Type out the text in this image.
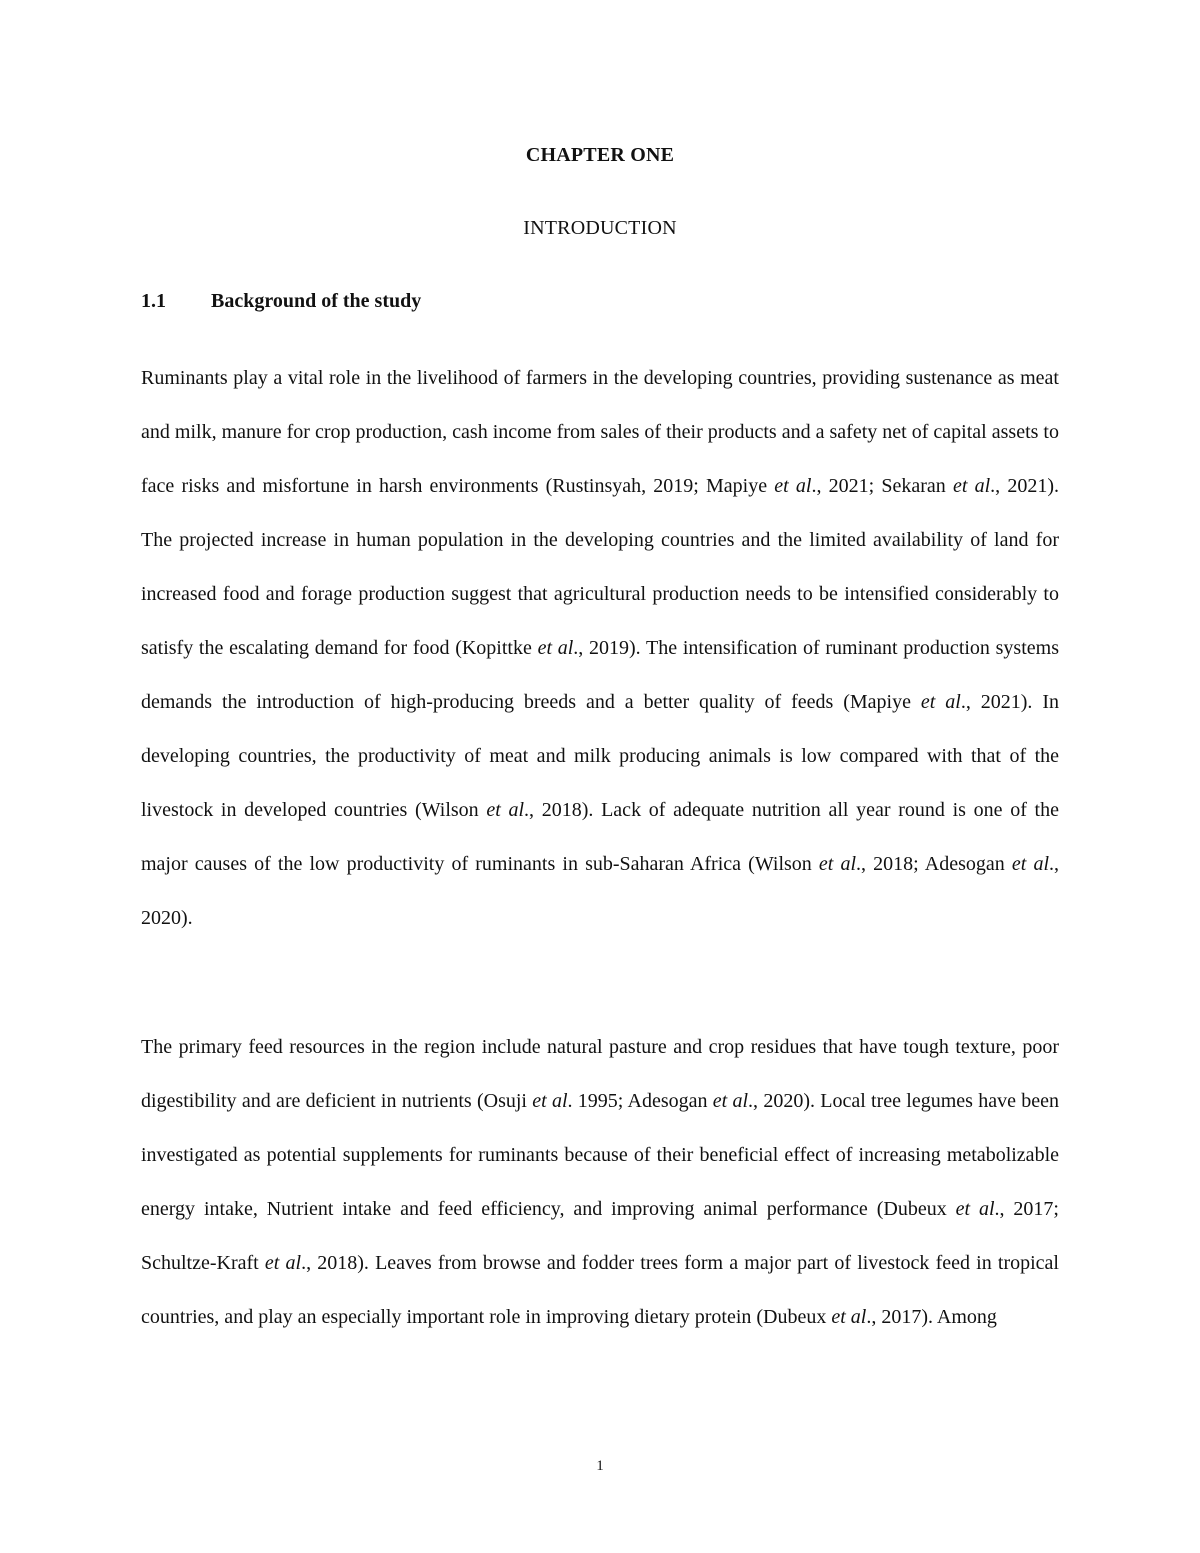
CHAPTER ONE
INTRODUCTION
1.1 Background of the study

Ruminants play a vital role in the livelihood of farmers in the developing countries, providing sustenance as meat and milk, manure for crop production, cash income from sales of their products and a safety net of capital assets to face risks and misfortune in harsh environments (Rustinsyah, 2019; Mapiye et al., 2021; Sekaran et al., 2021). The projected increase in human population in the developing countries and the limited availability of land for increased food and forage production suggest that agricultural production needs to be intensified considerably to satisfy the escalating demand for food (Kopittke et al., 2019). The intensification of ruminant production systems demands the introduction of high-producing breeds and a better quality of feeds (Mapiye et al., 2021). In developing countries, the productivity of meat and milk producing animals is low compared with that of the livestock in developed countries (Wilson et al., 2018). Lack of adequate nutrition all year round is one of the major causes of the low productivity of ruminants in sub-Saharan Africa (Wilson et al., 2018; Adesogan et al., 2020).

The primary feed resources in the region include natural pasture and crop residues that have tough texture, poor digestibility and are deficient in nutrients (Osuji et al. 1995; Adesogan et al., 2020). Local tree legumes have been investigated as potential supplements for ruminants because of their beneficial effect of increasing metabolizable energy intake, Nutrient intake and feed efficiency, and improving animal performance (Dubeux et al., 2017; Schultze-Kraft et al., 2018). Leaves from browse and fodder trees form a major part of livestock feed in tropical countries, and play an especially important role in improving dietary protein (Dubeux et al., 2017). Among

1
